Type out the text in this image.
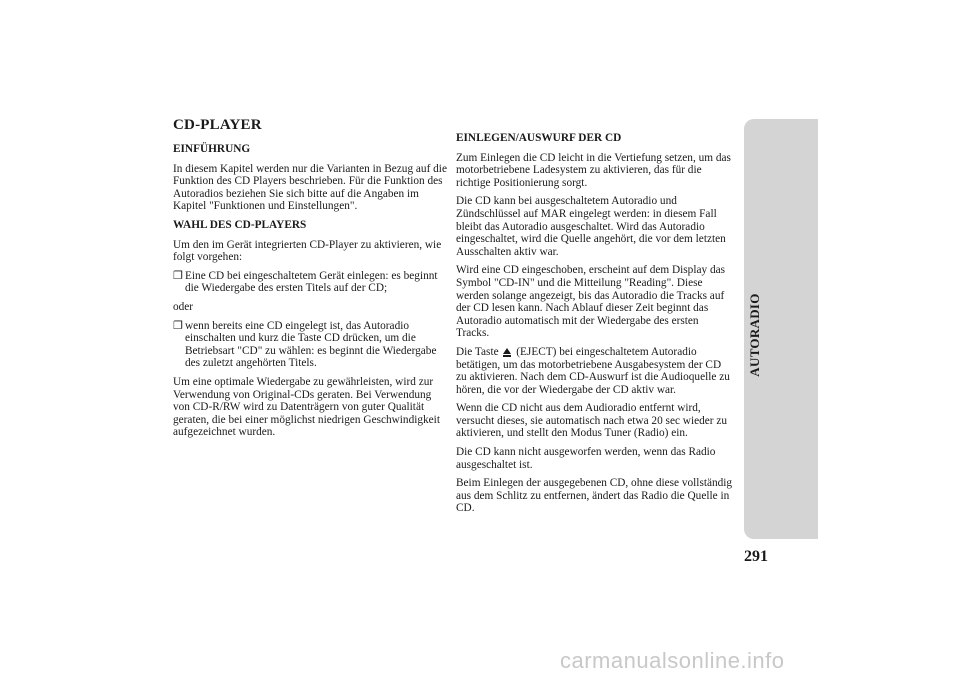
CD-PLAYER
EINFÜHRUNG

In diesem Kapitel werden nur die Varianten in Bezug auf die Funktion des CD Players beschrieben. Für die Funktion des Autoradios beziehen Sie sich bitte auf die Angaben im Kapitel "Funktionen und Einstellungen".

WAHL DES CD-PLAYERS

Um den im Gerät integrierten CD-Player zu aktivieren, wie folgt vorgehen:

❐ Eine CD bei eingeschaltetem Gerät einlegen: es beginnt die Wiedergabe des ersten Titels auf der CD;

oder

❐ wenn bereits eine CD eingelegt ist, das Autoradio einschalten und kurz die Taste CD drücken, um die Betriebsart "CD" zu wählen: es beginnt die Wiedergabe des zuletzt angehörten Titels.

Um eine optimale Wiedergabe zu gewährleisten, wird zur Verwendung von Original-CDs geraten. Bei Verwendung von CD-R/RW wird zu Datenträgern von guter Qualität geraten, die bei einer möglichst niedrigen Geschwindigkeit aufgezeichnet wurden.

EINLEGEN/AUSWURF DER CD

Zum Einlegen die CD leicht in die Vertiefung setzen, um das motorbetriebene Ladesystem zu aktivieren, das für die richtige Positionierung sorgt.

Die CD kann bei ausgeschaltetem Autoradio und Zündschlüssel auf MAR eingelegt werden: in diesem Fall bleibt das Autoradio ausgeschaltet. Wird das Autoradio eingeschaltet, wird die Quelle angehört, die vor dem letzten Ausschalten aktiv war.

Wird eine CD eingeschoben, erscheint auf dem Display das Symbol "CD-IN" und die Mitteilung "Reading". Diese werden solange angezeigt, bis das Autoradio die Tracks auf der CD lesen kann. Nach Ablauf dieser Zeit beginnt das Autoradio automatisch mit der Wiedergabe des ersten Tracks.

Die Taste (EJECT) bei eingeschaltetem Autoradio betätigen, um das motorbetriebene Ausgabesystem der CD zu aktivieren. Nach dem CD-Auswurf ist die Audioquelle zu hören, die vor der Wiedergabe der CD aktiv war.

Wenn die CD nicht aus dem Audioradio entfernt wird, versucht dieses, sie automatisch nach etwa 20 sec wieder zu aktivieren, und stellt den Modus Tuner (Radio) ein.

Die CD kann nicht ausgeworfen werden, wenn das Radio ausgeschaltet ist.

Beim Einlegen der ausgegebenen CD, ohne diese vollständig aus dem Schlitz zu entfernen, ändert das Radio die Quelle in CD.

AUTORADIO
291
carmanualsonline.info
